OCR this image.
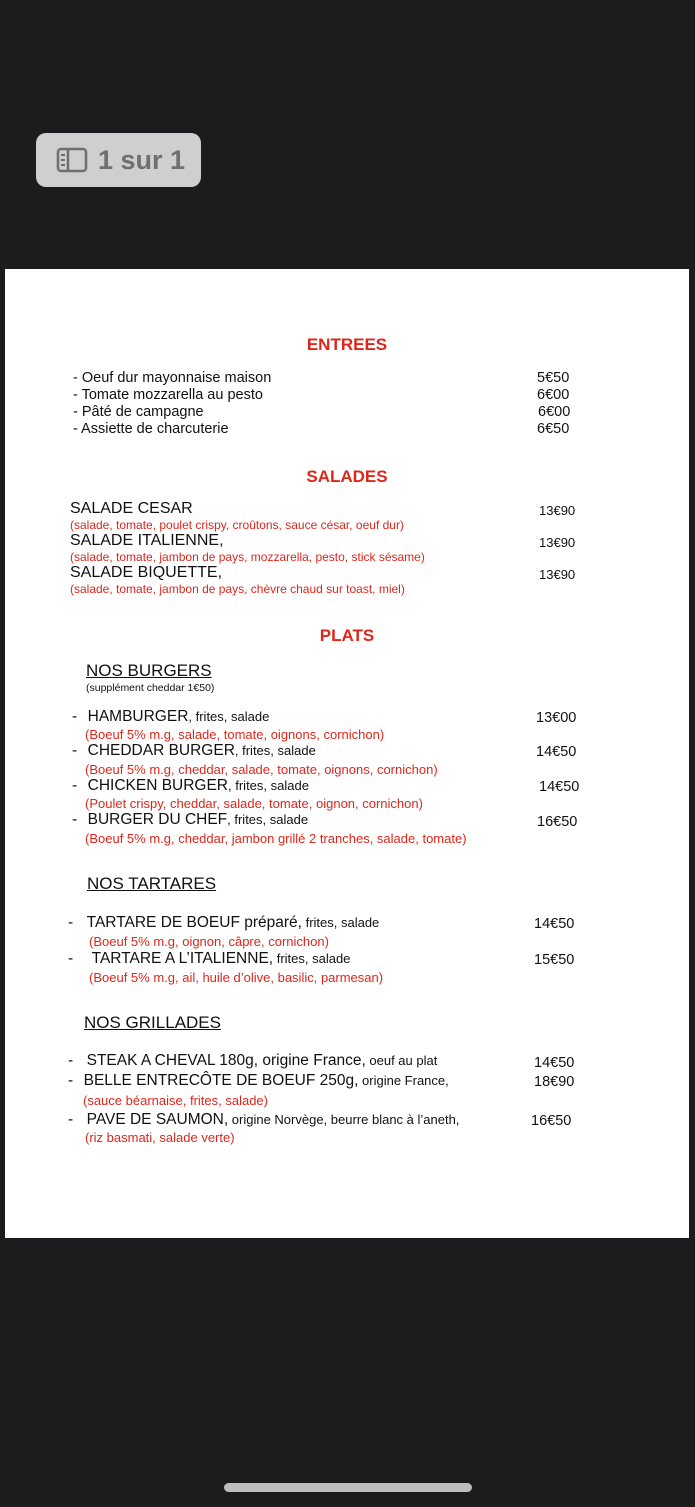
1 sur 1
ENTREES
- Oeuf dur mayonnaise maison	5€50
- Tomate mozzarella au pesto	6€00
- Pâté de campagne	6€00
- Assiette de charcuterie	6€50
SALADES
SALADE CESAR	13€90
(salade, tomate, poulet crispy, croûtons, sauce césar, oeuf dur)
SALADE ITALIENNE,	13€90
(salade, tomate, jambon de pays, mozzarella, pesto, stick sésame)
SALADE BIQUETTE,	13€90
(salade, tomate, jambon de pays, chèvre chaud sur toast, miel)
PLATS
NOS BURGERS
(supplément cheddar 1€50)
- HAMBURGER, frites, salade	13€00
(Boeuf 5% m.g, salade, tomate, oignons, cornichon)
- CHEDDAR BURGER, frites, salade	14€50
(Boeuf 5% m.g, cheddar, salade, tomate, oignons, cornichon)
- CHICKEN BURGER, frites, salade	14€50
(Poulet crispy, cheddar, salade, tomate, oignon, cornichon)
- BURGER DU CHEF, frites, salade	16€50
(Boeuf 5% m.g, cheddar, jambon grillé 2 tranches, salade, tomate)
NOS TARTARES
- TARTARE DE BOEUF préparé, frites, salade	14€50
(Boeuf 5% m.g, oignon, câpre, cornichon)
- TARTARE A L’ITALIENNE, frites, salade	15€50
(Boeuf 5% m.g, ail, huile d’olive, basilic, parmesan)
NOS GRILLADES
- STEAK A CHEVAL 180g, origine France, oeuf au plat	14€50
- BELLE ENTRECÔTE DE BOEUF 250g, origine France,	18€90
(sauce béarnaise, frites, salade)
- PAVE DE SAUMON, origine Norvège, beurre blanc à l’aneth,	16€50
(riz basmati, salade verte)
